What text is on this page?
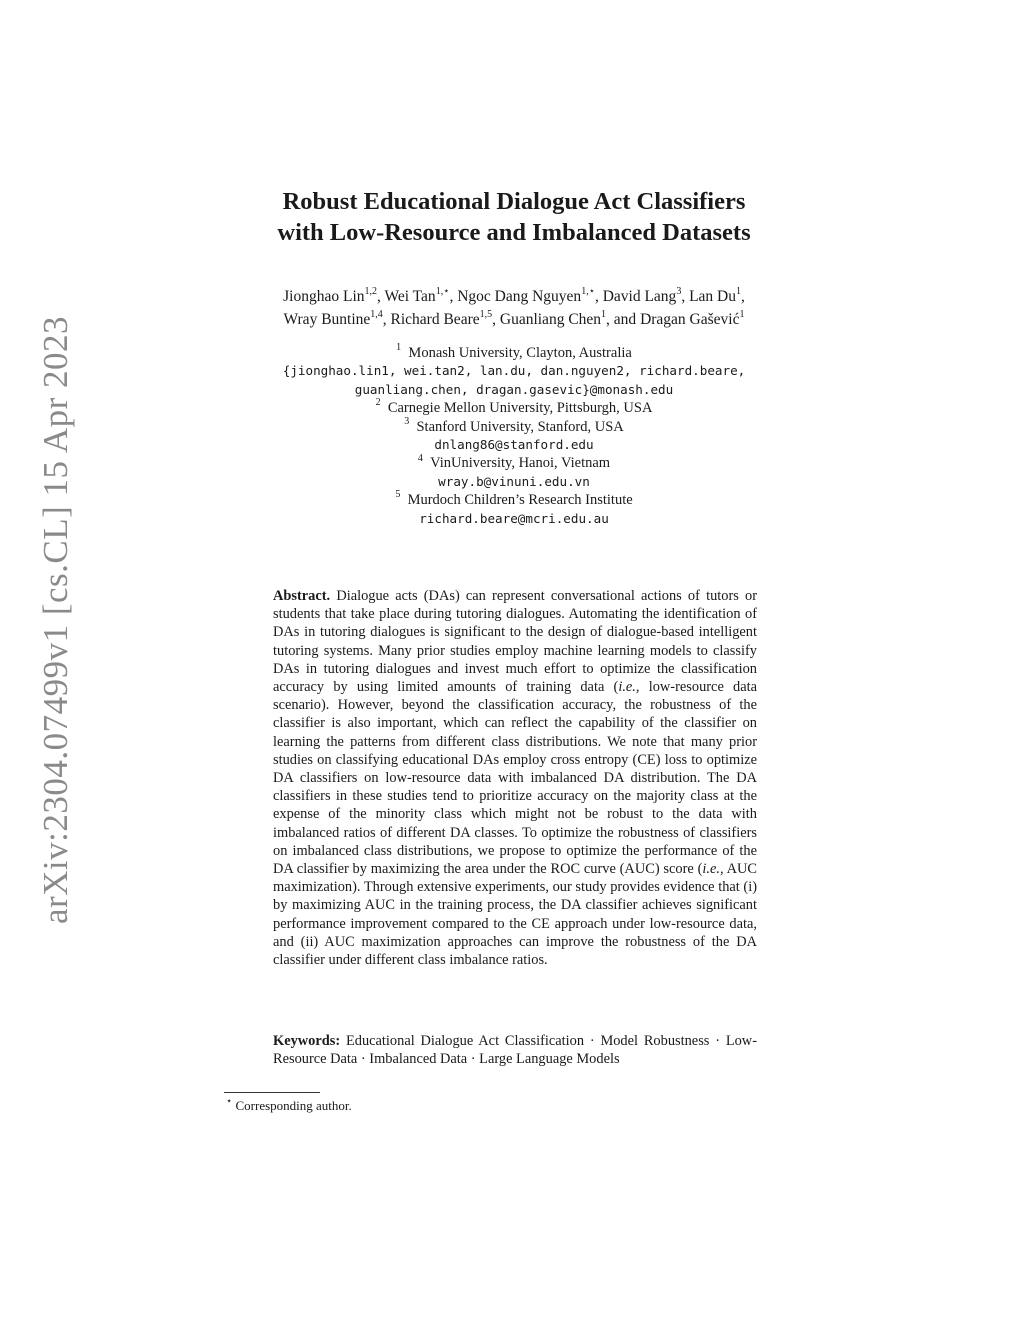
arXiv:2304.07499v1 [cs.CL] 15 Apr 2023
Robust Educational Dialogue Act Classifiers
with Low-Resource and Imbalanced Datasets
Jionghao Lin$^{1,2}$, Wei Tan$^{1,⋆}$, Ngoc Dang Nguyen$^{1,⋆}$, David Lang$^3$, Lan Du$^1$,
Wray Buntine$^{1,4}$, Richard Beare$^{1,5}$, Guanliang Chen$^1$, and Dragan Gašević$^1$
$^1$ Monash University, Clayton, Australia
{jionghao.lin1, wei.tan2, lan.du, dan.nguyen2, richard.beare,
guanliang.chen, dragan.gasevic}@monash.edu
$^2$ Carnegie Mellon University, Pittsburgh, USA
$^3$ Stanford University, Stanford, USA
dnlang86@stanford.edu
$^4$ VinUniversity, Hanoi, Vietnam
wray.b@vinuni.edu.vn
$^5$ Murdoch Children’s Research Institute
richard.beare@mcri.edu.au
Abstract. Dialogue acts (DAs) can represent conversational actions of tutors or students that take place during tutoring dialogues. Automating the identification of DAs in tutoring dialogues is significant to the design of dialogue-based intelligent tutoring systems. Many prior studies employ machine learning models to classify DAs in tutoring dialogues and invest much effort to optimize the classification accuracy by using limited amounts of training data (i.e., low-resource data scenario). However, beyond the classification accuracy, the robustness of the classifier is also important, which can reflect the capability of the classifier on learning the patterns from different class distributions. We note that many prior studies on classifying educational DAs employ cross entropy (CE) loss to optimize DA classifiers on low-resource data with imbalanced DA distribution. The DA classifiers in these studies tend to prioritize accuracy on the majority class at the expense of the minority class which might not be robust to the data with imbalanced ratios of different DA classes. To optimize the robustness of classifiers on imbalanced class distributions, we propose to optimize the performance of the DA classifier by maximizing the area under the ROC curve (AUC) score (i.e., AUC maximization). Through extensive experiments, our study provides evidence that (i) by maximizing AUC in the training process, the DA classifier achieves significant performance improvement compared to the CE approach under low-resource data, and (ii) AUC maximization approaches can improve the robustness of the DA classifier under different class imbalance ratios.
Keywords: Educational Dialogue Act Classification · Model Robustness · Low-Resource Data · Imbalanced Data · Large Language Models
⋆ Corresponding author.
